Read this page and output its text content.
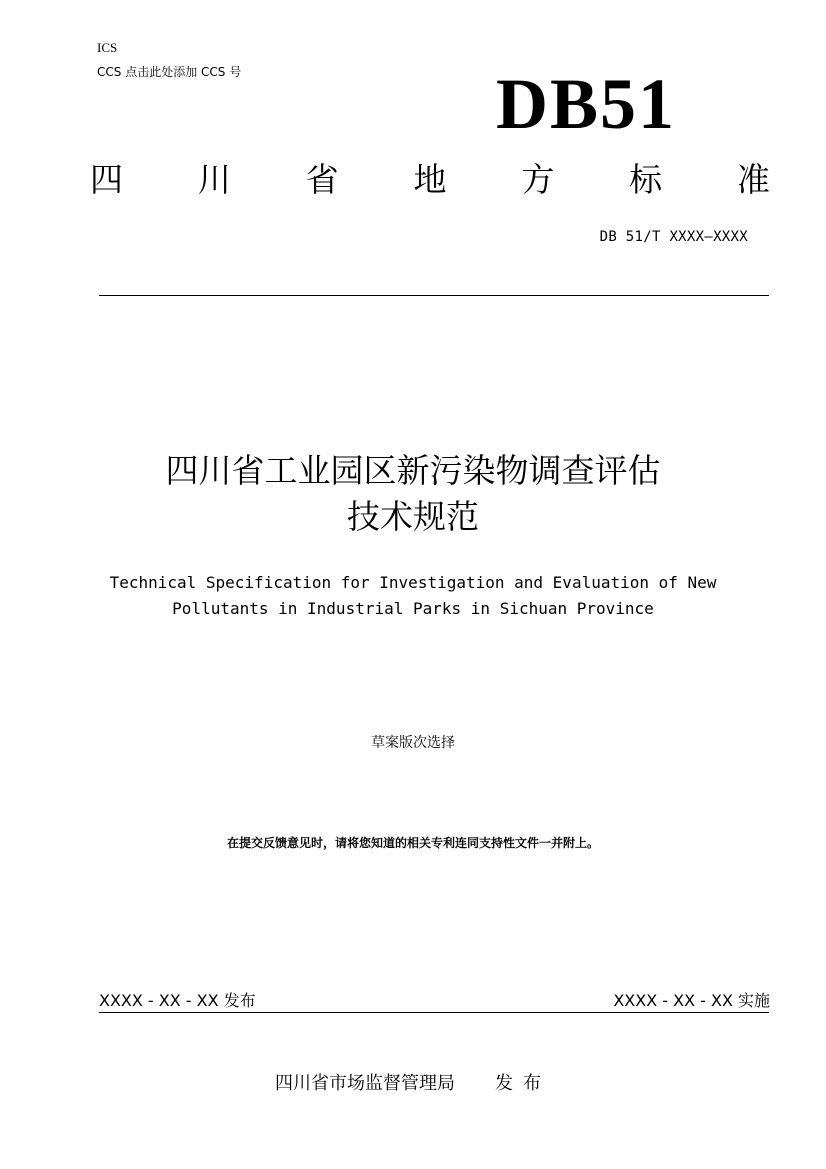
ICS
CCS 点击此处添加 CCS 号	DB51
四 川 省 地 方 标 准
DB 51/T XXXX—XXXX
四川省工业园区新污染物调查评估
技术规范
Technical Specification for Investigation and Evaluation of New
Pollutants in Industrial Parks in Sichuan Province
草案版次选择
在提交反馈意见时，请将您知道的相关专利连同支持性文件一并附上。
XXXX - XX - XX 发布	XXXX - XX - XX 实施
四川省市场监督管理局 发布
